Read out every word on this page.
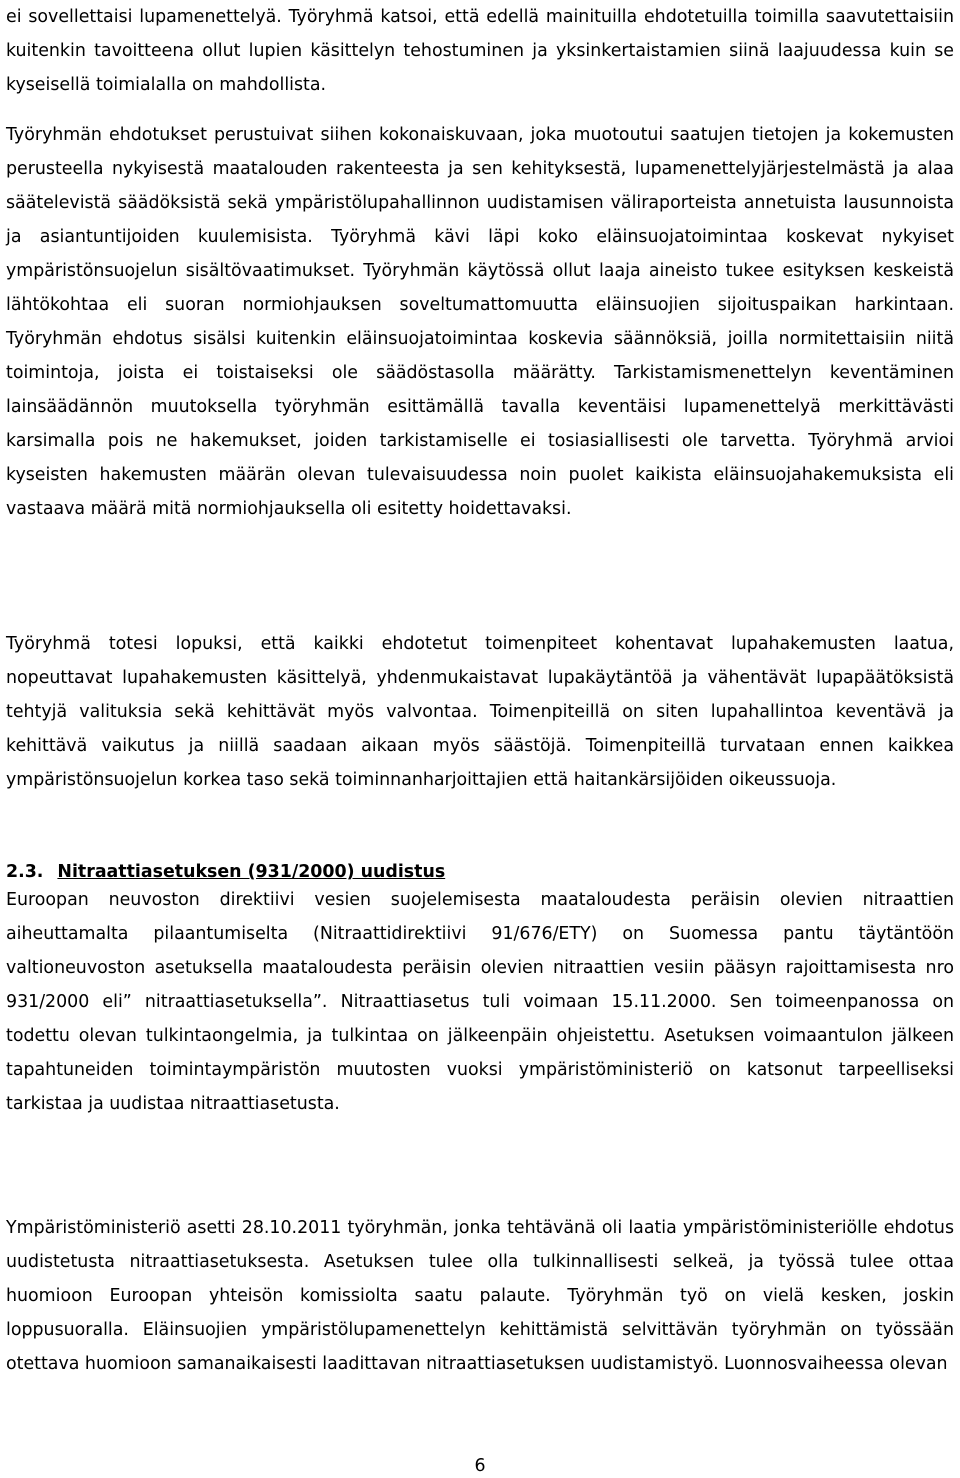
ei sovellettaisi lupamenettelyä. Työryhmä katsoi, että edellä mainituilla ehdotetuilla toimilla saavutettaisiin kuitenkin tavoitteena ollut lupien käsittelyn tehostuminen ja yksinkertaistamien siinä laajuudessa kuin se kyseisellä toimialalla on mahdollista.

Työryhmän ehdotukset perustuivat siihen kokonaiskuvaan, joka muotoutui saatujen tietojen ja kokemusten perusteella nykyisestä maatalouden rakenteesta ja sen kehityksestä, lupamenettelyjärjestelmästä ja alaa säätelevistä säädöksistä sekä ympäristölupahallinnon uudistamisen väliraporteista annetuista lausunnoista ja asiantuntijoiden kuulemisista. Työryhmä kävi läpi koko eläinsuojatoimintaa koskevat nykyiset ympäristönsuojelun sisältövaatimukset. Työryhmän käytössä ollut laaja aineisto tukee esityksen keskeistä lähtökohtaa eli suoran normiohjauksen soveltumattomuutta eläinsuojien sijoituspaikan harkintaan. Työryhmän ehdotus sisälsi kuitenkin eläinsuojatoimintaa koskevia säännöksiä, joilla normitettaisiin niitä toimintoja, joista ei toistaiseksi ole säädöstasolla määrätty. Tarkistamismenettelyn keventäminen lainsäädännön muutoksella työryhmän esittämällä tavalla keventäisi lupamenettelyä merkittävästi karsimalla pois ne hakemukset, joiden tarkistamiselle ei tosiasiallisesti ole tarvetta. Työryhmä arvioi kyseisten hakemusten määrän olevan tulevaisuudessa noin puolet kaikista eläinsuojahakemuksista eli vastaava määrä mitä normiohjauksella oli esitetty hoidettavaksi.

Työryhmä totesi lopuksi, että kaikki ehdotetut toimenpiteet kohentavat lupahakemusten laatua, nopeuttavat lupahakemusten käsittelyä, yhdenmukaistavat lupakäytäntöä ja vähentävät lupapäätöksistä tehtyjä valituksia sekä kehittävät myös valvontaa. Toimenpiteillä on siten lupahallintoa keventävä ja kehittävä vaikutus ja niillä saadaan aikaan myös säästöjä. Toimenpiteillä turvataan ennen kaikkea ympäristönsuojelun korkea taso sekä toiminnanharjoittajien että haitankärsijöiden oikeussuoja.

2.3. Nitraattiasetuksen (931/2000) uudistus

Euroopan neuvoston direktiivi vesien suojelemisesta maataloudesta peräisin olevien nitraattien aiheuttamalta pilaantumiselta (Nitraattidirektiivi 91/676/ETY) on Suomessa pantu täytäntöön valtioneuvoston asetuksella maataloudesta peräisin olevien nitraattien vesiin pääsyn rajoittamisesta nro 931/2000 eli” nitraattiasetuksella”. Nitraattiasetus tuli voimaan 15.11.2000. Sen toimeenpanossa on todettu olevan tulkintaongelmia, ja tulkintaa on jälkeenpäin ohjeistettu. Asetuksen voimaantulon jälkeen tapahtuneiden toimintaympäristön muutosten vuoksi ympäristöministeriö on katsonut tarpeelliseksi tarkistaa ja uudistaa nitraattiasetusta.

Ympäristöministeriö asetti 28.10.2011 työryhmän, jonka tehtävänä oli laatia ympäristöministeriölle ehdotus uudistetusta nitraattiasetuksesta. Asetuksen tulee olla tulkinnallisesti selkeä, ja työssä tulee ottaa huomioon Euroopan yhteisön komissiolta saatu palaute. Työryhmän työ on vielä kesken, joskin loppusuoralla. Eläinsuojien ympäristölupamenettelyn kehittämistä selvittävän työryhmän on työssään otettava huomioon samanaikaisesti laadittavan nitraattiasetuksen uudistamistyö. Luonnosvaiheessa olevan

6
